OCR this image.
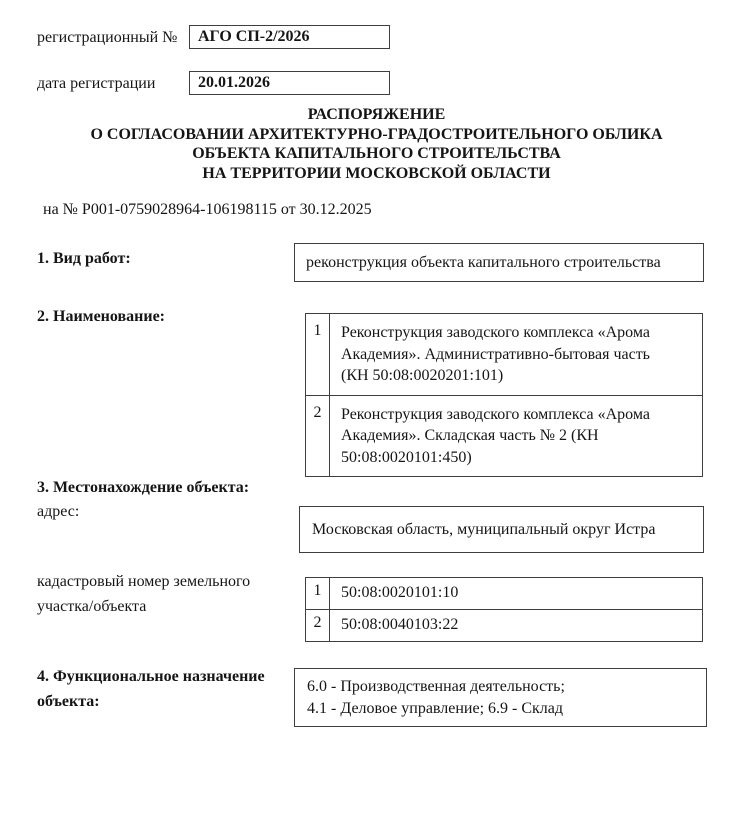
регистрационный № АГО СП-2/2026
дата регистрации	20.01.2026
РАСПОРЯЖЕНИЕ
О СОГЛАСОВАНИИ АРХИТЕКТУРНО-ГРАДОСТРОИТЕЛЬНОГО ОБЛИКА
ОБЪЕКТА КАПИТАЛЬНОГО СТРОИТЕЛЬСТВА
НА ТЕРРИТОРИИ МОСКОВСКОЙ ОБЛАСТИ
на № Р001-0759028964-106198115 от 30.12.2025
1. Вид работ:	реконструкция объекта капитального строительства
2. Наименование:
1	Реконструкция заводского комплекса «Арома Академия». Административно-бытовая часть (КН 50:08:0020201:101)
2	Реконструкция заводского комплекса «Арома Академия». Складская часть № 2 (КН 50:08:0020101:450)
3. Местонахождение объекта:
адрес:
Московская область, муниципальный округ Истра
кадастровый номер земельного участка/объекта
1	50:08:0020101:10
2	50:08:0040103:22
4. Функциональное назначение объекта:
6.0 - Производственная деятельность;
4.1 - Деловое управление; 6.9 - Склад
